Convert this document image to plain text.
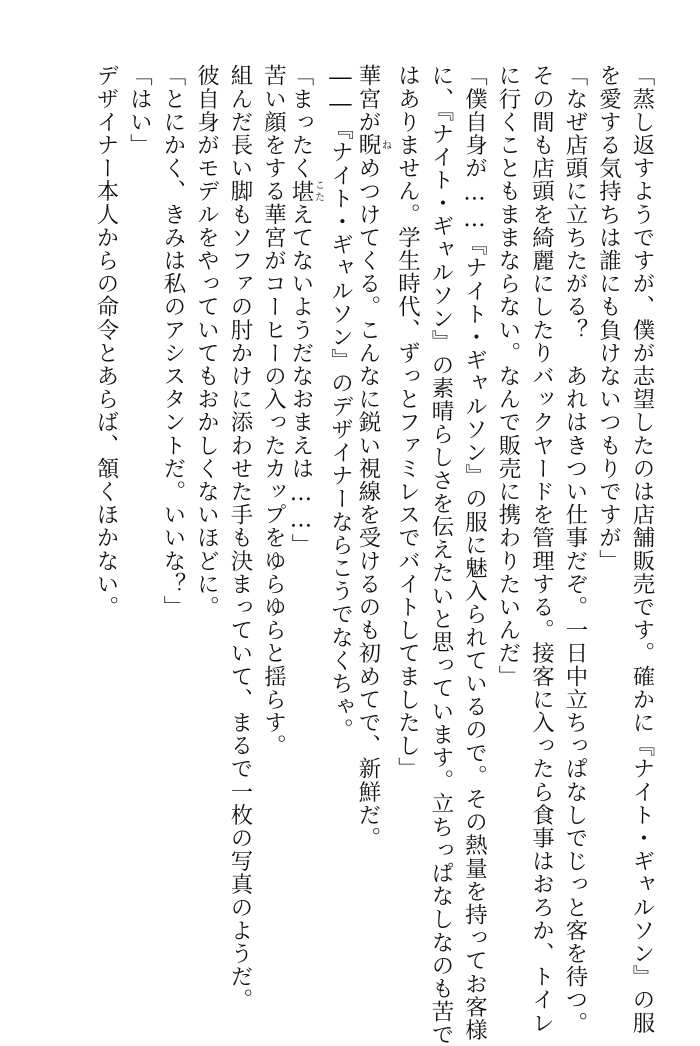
「蒸し返すようですが、僕が志望したのは店舗販売です。確かに『ナイト・ギャルソン』の服
を愛する気持ちは誰にも負けないつもりですが」
「なぜ店頭に立ちたがる？　あれはきつい仕事だぞ。一日中立ちっぱなしでじっと客を待つ。
その間も店頭を綺麗にしたりバックヤードを管理する。接客に入ったら食事はおろか、トイレ
に行くこともままならない。なんで販売に携わりたいんだ」
「僕自身が……『ナイト・ギャルソン』の服に魅入られているので。その熱量を持ってお客様
に、『ナイト・ギャルソン』の素晴らしさを伝えたいと思っています。立ちっぱなしなのも苦で
はありません。学生時代、ずっとファミレスでバイトしてましたし」
華宮が睨ねめつけてくる。こんなに鋭い視線を受けるのも初めてで、新鮮だ。
――『ナイト・ギャルソン』のデザイナーならこうでなくちゃ。
「まったく堪こたえてないようだなおまえは……」
苦い顔をする華宮がコーヒーの入ったカップをゆらゆらと揺らす。
組んだ長い脚もソファの肘かけに添わせた手も決まっていて、まるで一枚の写真のようだ。
彼自身がモデルをやっていてもおかしくないほどに。
「とにかく、きみは私のアシスタントだ。いいな？」
「はい」
デザイナー本人からの命令とあらば、頷くほかない。
